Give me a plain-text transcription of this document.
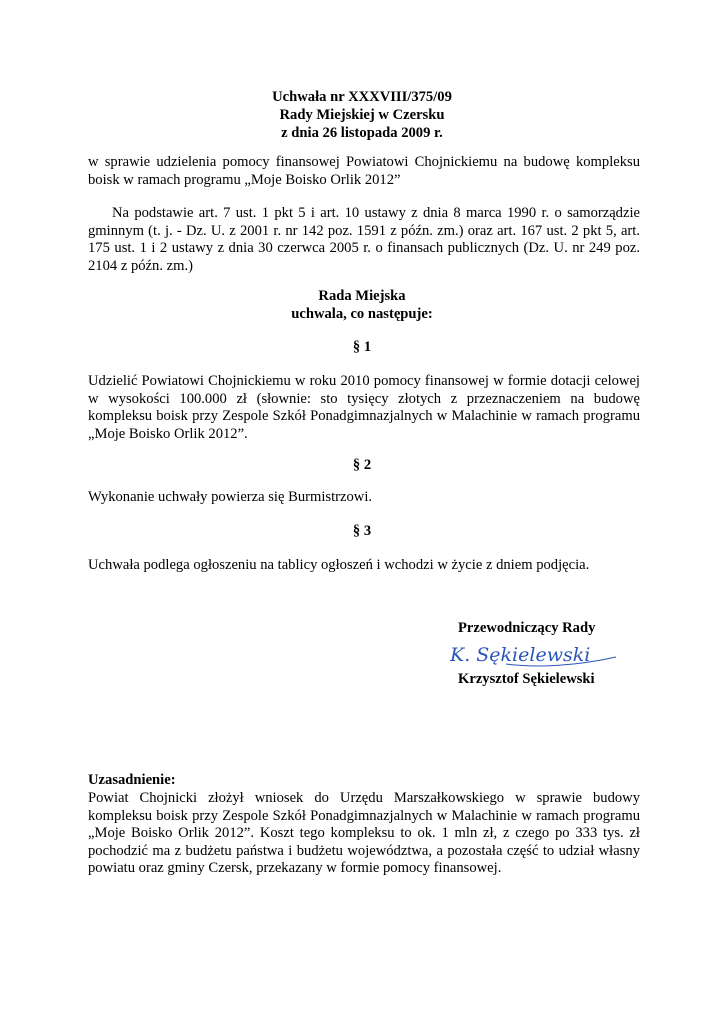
Uchwała nr XXXVIII/375/09
Rady Miejskiej w Czersku
z dnia 26 listopada 2009 r.
w sprawie udzielenia pomocy finansowej Powiatowi Chojnickiemu na budowę kompleksu boisk w ramach programu „Moje Boisko Orlik 2012”
Na podstawie art. 7 ust. 1 pkt 5 i art. 10 ustawy z dnia 8 marca 1990 r. o samorządzie gminnym (t. j. - Dz. U. z 2001 r. nr 142 poz. 1591 z późn. zm.) oraz art. 167 ust. 2 pkt 5, art. 175 ust. 1 i 2 ustawy z dnia 30 czerwca 2005 r. o finansach publicznych (Dz. U. nr 249 poz. 2104 z późn. zm.)
Rada Miejska
uchwala, co następuje:
§ 1
Udzielić Powiatowi Chojnickiemu w roku 2010 pomocy finansowej w formie dotacji celowej w wysokości 100.000 zł (słownie: sto tysięcy złotych z przeznaczeniem na budowę kompleksu boisk przy Zespole Szkół Ponadgimnazjalnych w Malachinie w ramach programu „Moje Boisko Orlik 2012”.
§ 2
Wykonanie uchwały powierza się Burmistrzowi.
§ 3
Uchwała podlega ogłoszeniu na tablicy ogłoszeń i wchodzi w życie z dniem podjęcia.
Przewodniczący Rady
K. Sękielewski
Krzysztof Sękielewski
Uzasadnienie:
Powiat Chojnicki złożył wniosek do Urzędu Marszałkowskiego w sprawie budowy kompleksu boisk przy Zespole Szkół Ponadgimnazjalnych w Malachinie w ramach programu „Moje Boisko Orlik 2012”. Koszt tego kompleksu to ok. 1 mln zł, z czego po 333 tys. zł pochodzić ma z budżetu państwa i budżetu województwa, a pozostała część to udział własny powiatu oraz gminy Czersk, przekazany w formie pomocy finansowej.
